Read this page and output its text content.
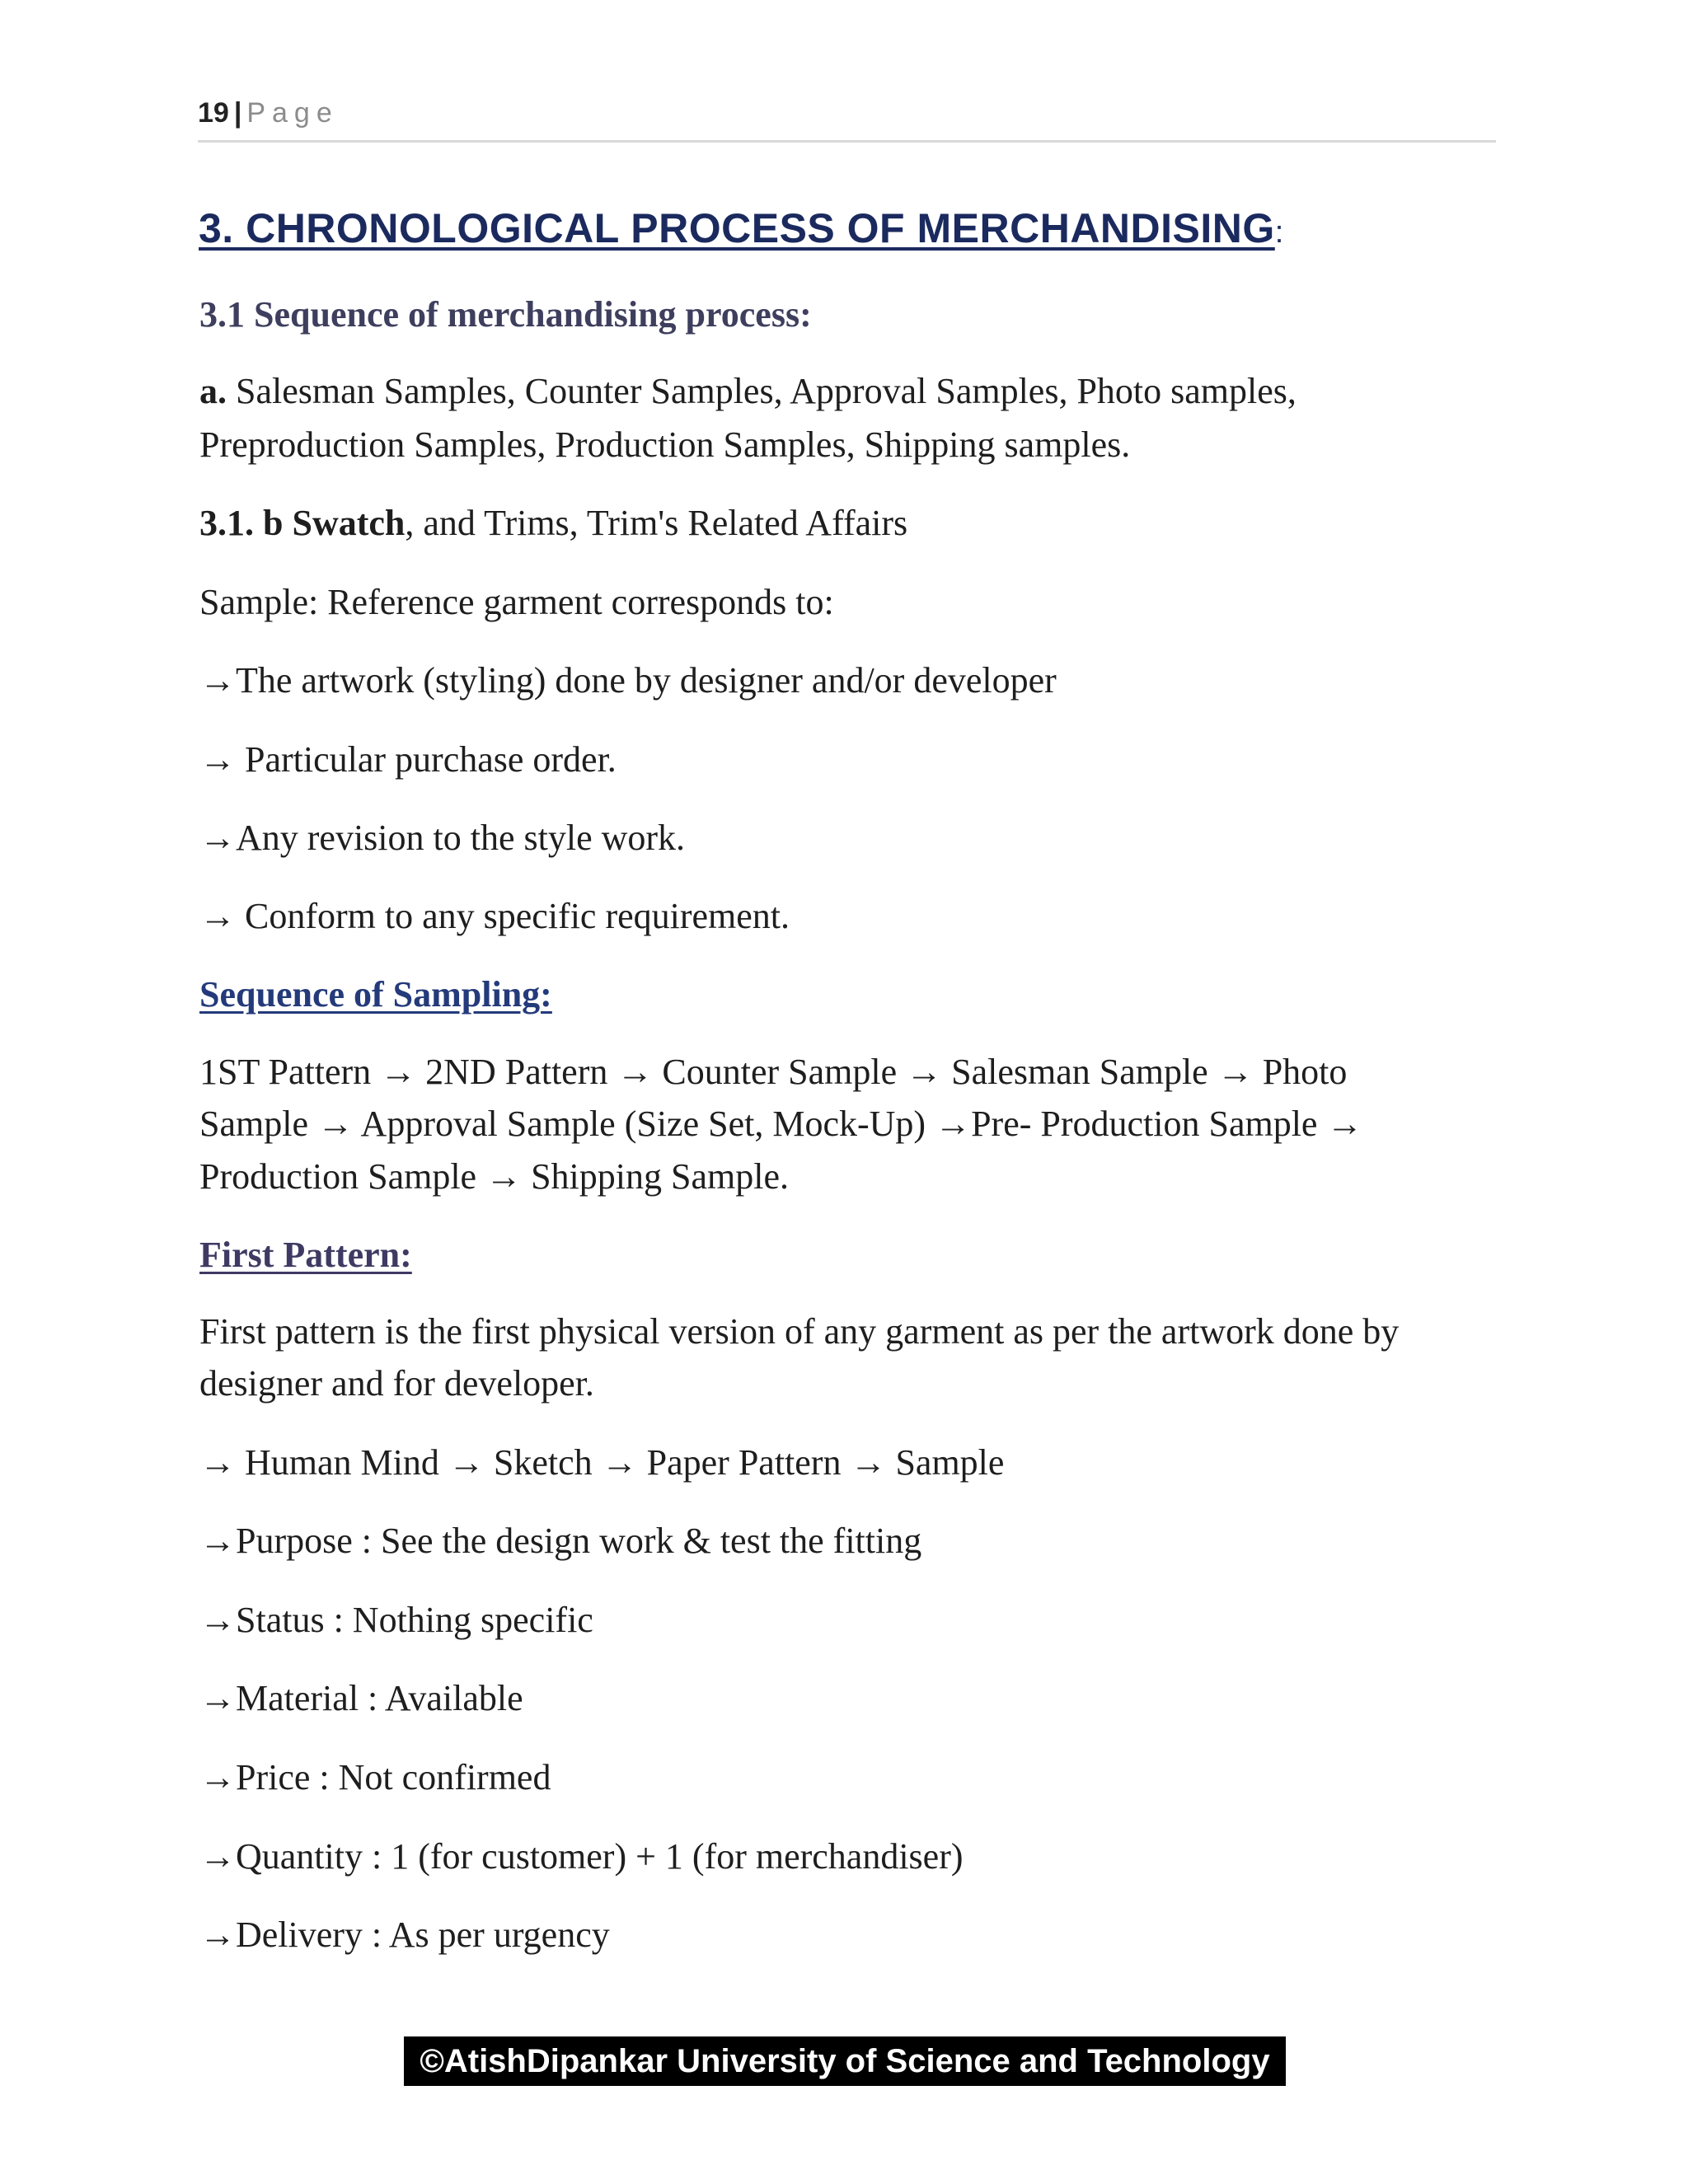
19 | Page
3. CHRONOLOGICAL PROCESS OF MERCHANDISING:
3.1 Sequence of merchandising process:
a. Salesman Samples, Counter Samples, Approval Samples, Photo samples,
Preproduction Samples, Production Samples, Shipping samples.
3.1. b Swatch, and Trims, Trim's Related Affairs
Sample: Reference garment corresponds to:
→The artwork (styling) done by designer and/or developer
→ Particular purchase order.
→Any revision to the style work.
→ Conform to any specific requirement.
Sequence of Sampling:
1ST Pattern → 2ND Pattern → Counter Sample → Salesman Sample → Photo
Sample → Approval Sample (Size Set, Mock-Up) →Pre- Production Sample →
Production Sample → Shipping Sample.
First Pattern:
First pattern is the first physical version of any garment as per the artwork done by
designer and for developer.
→ Human Mind → Sketch → Paper Pattern → Sample
→Purpose : See the design work & test the fitting
→Status : Nothing specific
→Material : Available
→Price : Not confirmed
→Quantity : 1 (for customer) + 1 (for merchandiser)
→Delivery : As per urgency
©AtishDipankar University of Science and Technology
